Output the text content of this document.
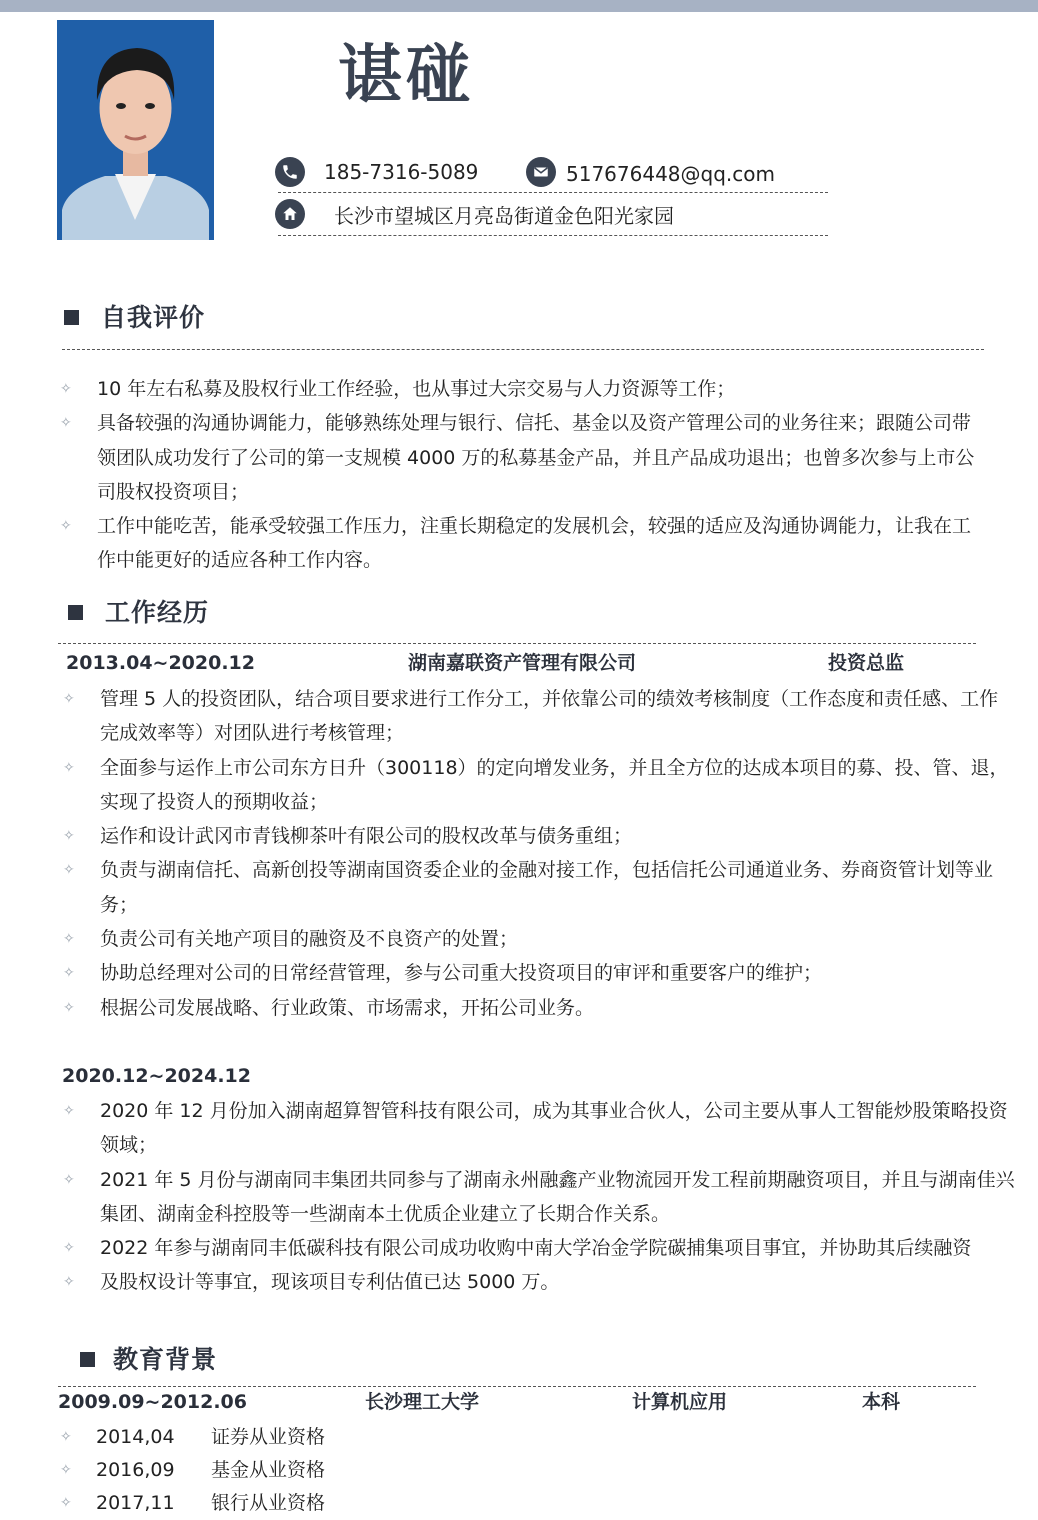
谌碰
185-7316-5089	517676448@qq.com
长沙市望城区月亮岛街道金色阳光家园
自我评价
✧ 10 年左右私募及股权行业工作经验，也从事过大宗交易与人力资源等工作；
✧ 具备较强的沟通协调能力，能够熟练处理与银行、信托、基金以及资产管理公司的业务往来；跟随公司带领团队成功发行了公司的第一支规模 4000 万的私募基金产品，并且产品成功退出；也曾多次参与上市公司股权投资项目；
✧ 工作中能吃苦，能承受较强工作压力，注重长期稳定的发展机会，较强的适应及沟通协调能力，让我在工作中能更好的适应各种工作内容。
工作经历
2013.04~2020.12	湖南嘉联资产管理有限公司	投资总监
✧ 管理 5 人的投资团队，结合项目要求进行工作分工，并依靠公司的绩效考核制度（工作态度和责任感、工作完成效率等）对团队进行考核管理；
✧ 全面参与运作上市公司东方日升（300118）的定向增发业务，并且全方位的达成本项目的募、投、管、退，实现了投资人的预期收益；
✧ 运作和设计武冈市青钱柳茶叶有限公司的股权改革与债务重组；
✧ 负责与湖南信托、高新创投等湖南国资委企业的金融对接工作，包括信托公司通道业务、券商资管计划等业务；
✧ 负责公司有关地产项目的融资及不良资产的处置；
✧ 协助总经理对公司的日常经营管理，参与公司重大投资项目的审评和重要客户的维护；
✧ 根据公司发展战略、行业政策、市场需求，开拓公司业务。
2020.12~2024.12
✧ 2020 年 12 月份加入湖南超算智管科技有限公司，成为其事业合伙人，公司主要从事人工智能炒股策略投资领域；
✧ 2021 年 5 月份与湖南同丰集团共同参与了湖南永州融鑫产业物流园开发工程前期融资项目，并且与湖南佳兴集团、湖南金科控股等一些湖南本土优质企业建立了长期合作关系。
✧ 2022 年参与湖南同丰低碳科技有限公司成功收购中南大学冶金学院碳捕集项目事宜，并协助其后续融资
✧ 及股权设计等事宜，现该项目专利估值已达 5000 万。
教育背景
2009.09~2012.06	长沙理工大学	计算机应用	本科
✧	2014,04	证券从业资格
✧	2016,09	基金从业资格
✧	2017,11	银行从业资格
